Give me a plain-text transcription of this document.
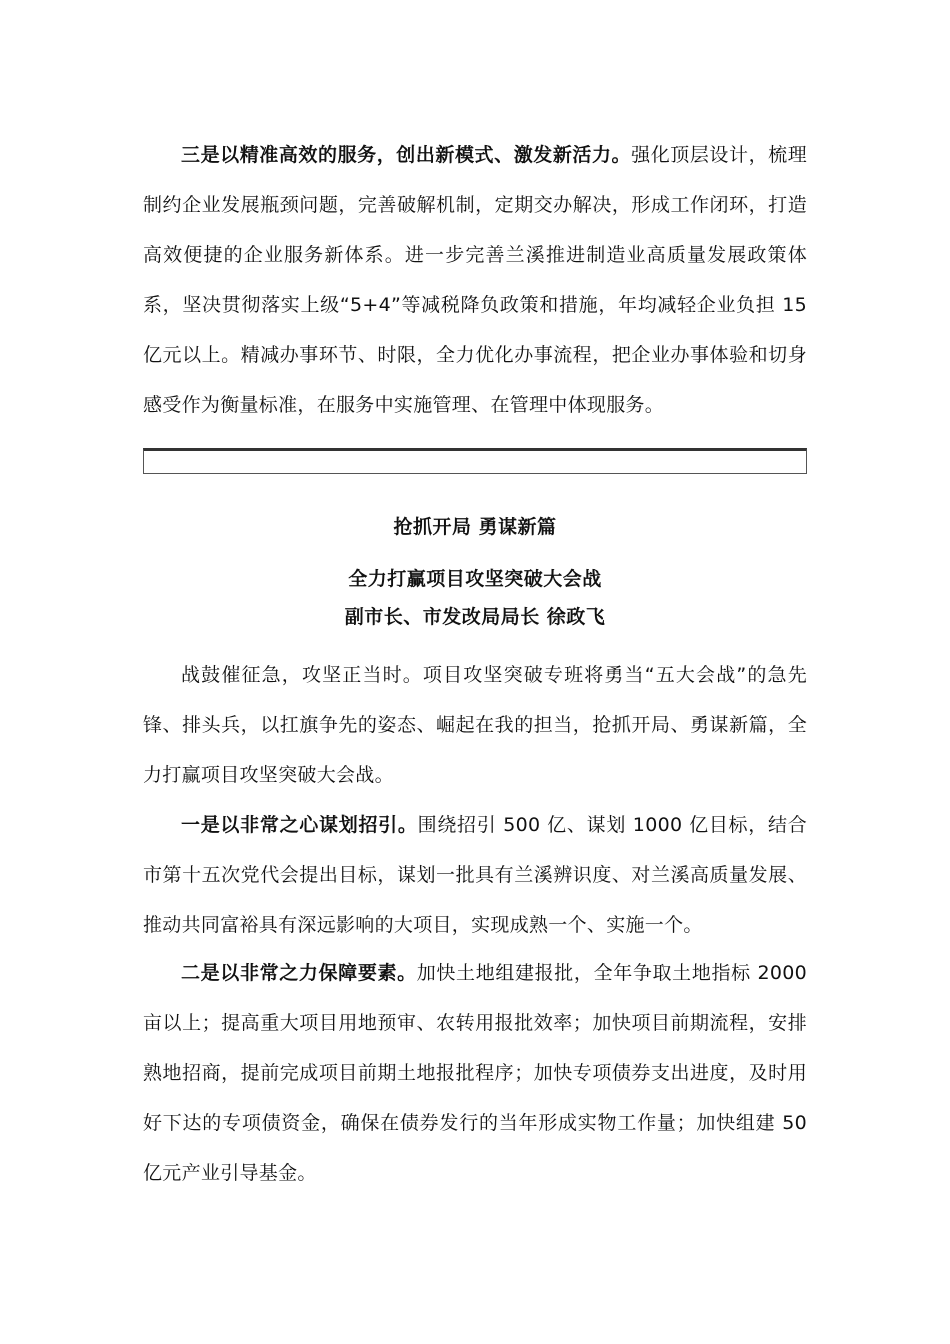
三是以精准高效的服务，创出新模式、激发新活力。强化顶层设计，梳理制约企业发展瓶颈问题，完善破解机制，定期交办解决，形成工作闭环，打造高效便捷的企业服务新体系。进一步完善兰溪推进制造业高质量发展政策体系，坚决贯彻落实上级“5+4”等减税降负政策和措施，年均减轻企业负担 15 亿元以上。精减办事环节、时限，全力优化办事流程，把企业办事体验和切身感受作为衡量标准，在服务中实施管理、在管理中体现服务。

抢抓开局 勇谋新篇
全力打赢项目攻坚突破大会战
副市长、市发改局局长 徐政飞

战鼓催征急，攻坚正当时。项目攻坚突破专班将勇当“五大会战”的急先锋、排头兵，以扛旗争先的姿态、崛起在我的担当，抢抓开局、勇谋新篇，全力打赢项目攻坚突破大会战。

一是以非常之心谋划招引。围绕招引 500 亿、谋划 1000 亿目标，结合市第十五次党代会提出目标，谋划一批具有兰溪辨识度、对兰溪高质量发展、推动共同富裕具有深远影响的大项目，实现成熟一个、实施一个。

二是以非常之力保障要素。加快土地组建报批，全年争取土地指标 2000 亩以上；提高重大项目用地预审、农转用报批效率；加快项目前期流程，安排熟地招商，提前完成项目前期土地报批程序；加快专项债券支出进度，及时用好下达的专项债资金，确保在债券发行的当年形成实物工作量；加快组建 50 亿元产业引导基金。
